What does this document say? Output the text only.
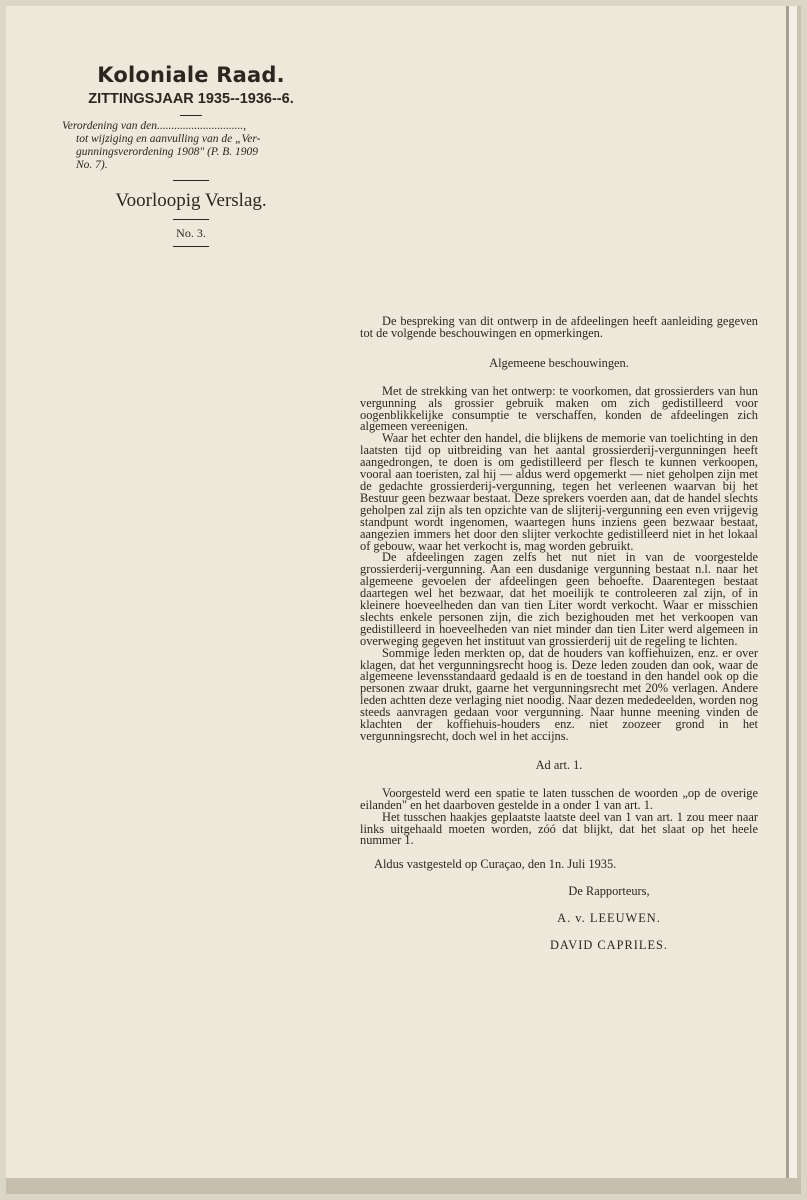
Koloniale Raad.

ZITTINGSJAAR 1935--1936--6.

Verordening van den..............................,
tot wijziging en aanvulling van de „Ver-
gunningsverordening 1908" (P. B. 1909
No. 7).

Voorloopig Verslag.

No. 3.

De bespreking van dit ontwerp in de afdeelingen heeft aanleiding gegeven tot de volgende beschouwingen en opmerkingen.

Algemeene beschouwingen.

Met de strekking van het ontwerp: te voorkomen, dat grossierders van hun vergunning als grossier gebruik maken om zich gedistilleerd voor oogenblikkelijke consumptie te verschaffen, konden de afdeelingen zich algemeen vereenigen.

Waar het echter den handel, die blijkens de memorie van toelichting in den laatsten tijd op uitbreiding van het aantal grossierderij-vergunningen heeft aangedrongen, te doen is om gedistilleerd per flesch te kunnen verkoopen, vooral aan toeristen, zal hij — aldus werd opgemerkt — niet geholpen zijn met de gedachte grossierderij-vergunning, tegen het verleenen waarvan bij het Bestuur geen bezwaar bestaat. Deze sprekers voerden aan, dat de handel slechts geholpen zal zijn als ten opzichte van de slijterij-vergunning een even vrijgevig standpunt wordt ingenomen, waartegen huns inziens geen bezwaar bestaat, aangezien immers het door den slijter verkochte gedistilleerd niet in het lokaal of gebouw, waar het verkocht is, mag worden gebruikt.

De afdeelingen zagen zelfs het nut niet in van de voorgestelde grossierderij-vergunning. Aan een dusdanige vergunning bestaat n.l. naar het algemeene gevoelen der afdeelingen geen behoefte. Daarentegen bestaat daartegen wel het bezwaar, dat het moeilijk te controleeren zal zijn, of in kleinere hoeveelheden dan van tien Liter wordt verkocht. Waar er misschien slechts enkele personen zijn, die zich bezighouden met het verkoopen van gedistilleerd in hoeveelheden van niet minder dan tien Liter werd algemeen in overweging gegeven het instituut van grossierderij uit de regeling te lichten.

Sommige leden merkten op, dat de houders van koffiehuizen, enz. er over klagen, dat het vergunningsrecht hoog is. Deze leden zouden dan ook, waar de algemeene levensstandaard gedaald is en de toestand in den handel ook op die personen zwaar drukt, gaarne het vergunningsrecht met 20% verlagen. Andere leden achtten deze verlaging niet noodig. Naar dezen mededeelden, worden nog steeds aanvragen gedaan voor vergunning. Naar hunne meening vinden de klachten der koffiehuis-houders enz. niet zoozeer grond in het vergunningsrecht, doch wel in het accijns.

Ad art. 1.

Voorgesteld werd een spatie te laten tusschen de woorden „op de overige eilanden" en het daarboven gestelde in a onder 1 van art. 1.

Het tusschen haakjes geplaatste laatste deel van 1 van art. 1 zou meer naar links uitgehaald moeten worden, zóó dat blijkt, dat het slaat op het heele nummer 1.

Aldus vastgesteld op Curaçao, den 1n. Juli 1935.

De Rapporteurs,

A. v. LEEUWEN.

DAVID CAPRILES.
